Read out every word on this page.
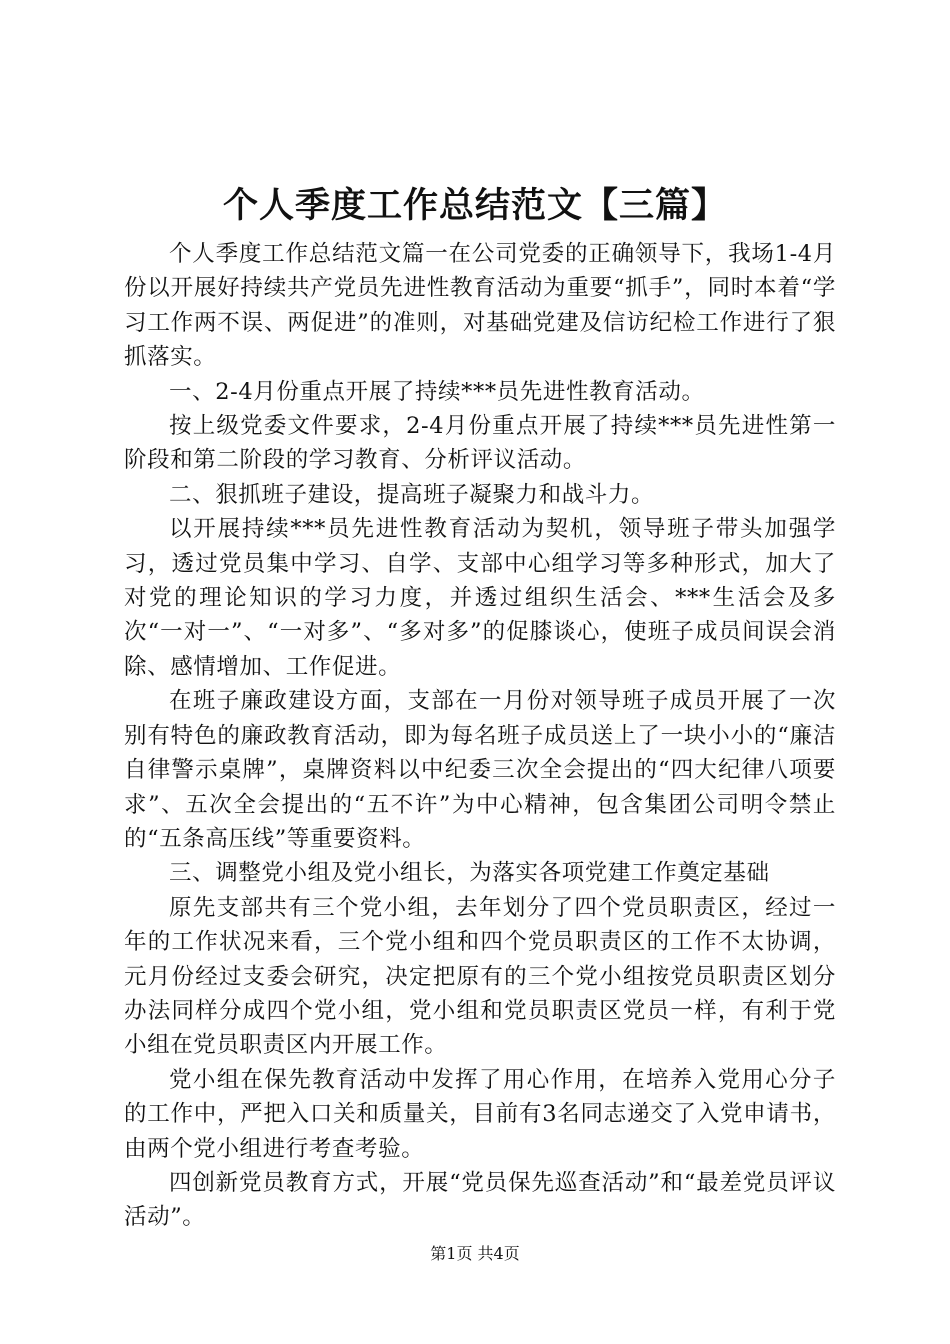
个人季度工作总结范文【三篇】

个人季度工作总结范文篇一在公司党委的正确领导下，我场1-4月份以开展好持续共产党员先进性教育活动为重要“抓手”，同时本着“学习工作两不误、两促进”的准则，对基础党建及信访纪检工作进行了狠抓落实。

一、2-4月份重点开展了持续***员先进性教育活动。

按上级党委文件要求，2-4月份重点开展了持续***员先进性第一阶段和第二阶段的学习教育、分析评议活动。

二、狠抓班子建设，提高班子凝聚力和战斗力。

以开展持续***员先进性教育活动为契机，领导班子带头加强学习，透过党员集中学习、自学、支部中心组学习等多种形式，加大了对党的理论知识的学习力度，并透过组织生活会、***生活会及多次“一对一”、“一对多”、“多对多”的促膝谈心，使班子成员间误会消除、感情增加、工作促进。

在班子廉政建设方面，支部在一月份对领导班子成员开展了一次别有特色的廉政教育活动，即为每名班子成员送上了一块小小的“廉洁自律警示桌牌”，桌牌资料以中纪委三次全会提出的“四大纪律八项要求”、五次全会提出的“五不许”为中心精神，包含集团公司明令禁止的“五条高压线”等重要资料。

三、调整党小组及党小组长，为落实各项党建工作奠定基础

原先支部共有三个党小组，去年划分了四个党员职责区，经过一年的工作状况来看，三个党小组和四个党员职责区的工作不太协调，元月份经过支委会研究，决定把原有的三个党小组按党员职责区划分办法同样分成四个党小组，党小组和党员职责区党员一样，有利于党小组在党员职责区内开展工作。

党小组在保先教育活动中发挥了用心作用，在培养入党用心分子的工作中，严把入口关和质量关，目前有3名同志递交了入党申请书，由两个党小组进行考查考验。

四创新党员教育方式，开展“党员保先巡查活动”和“最差党员评议活动”。

第1页 共4页
